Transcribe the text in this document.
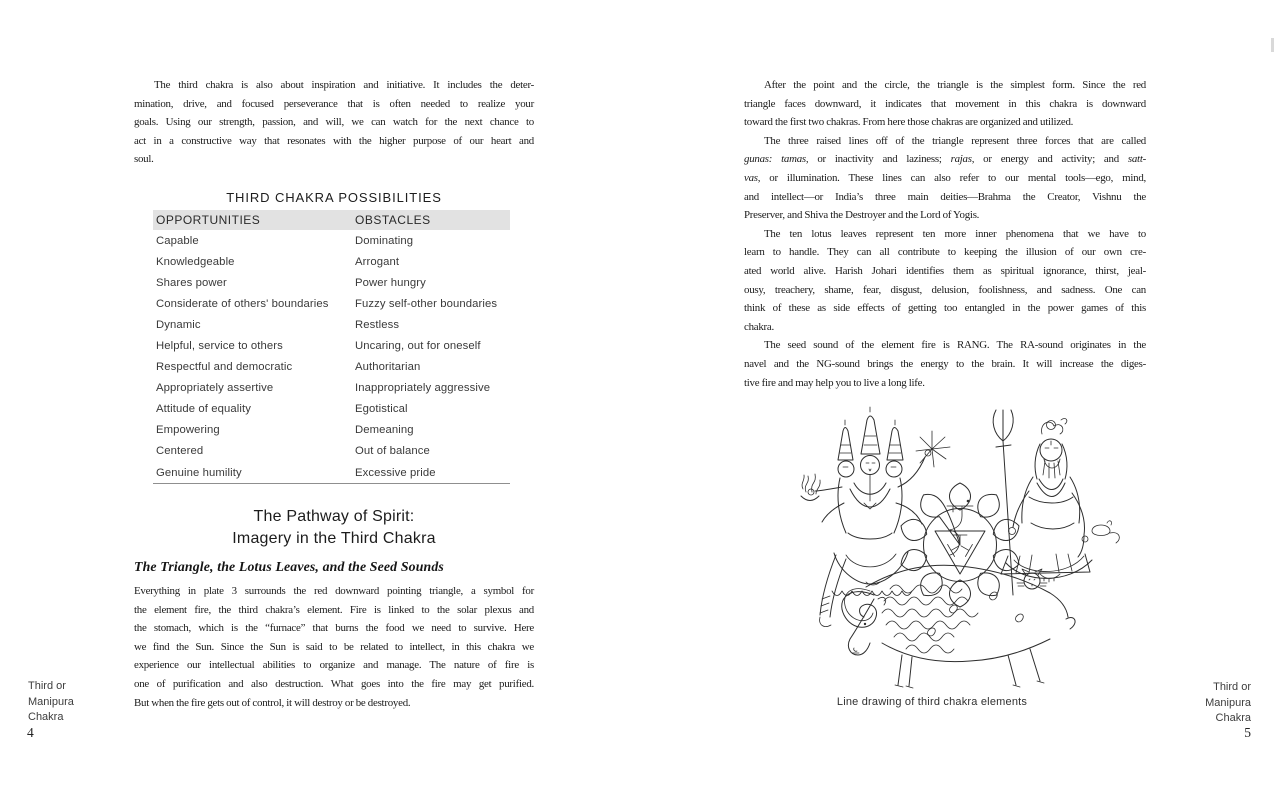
The third chakra is also about inspiration and initiative. It includes the deter-
mination, drive, and focused perseverance that is often needed to realize your
goals. Using our strength, passion, and will, we can watch for the next chance to
act in a constructive way that resonates with the higher purpose of our heart and
soul.
THIRD CHAKRA POSSIBILITIES
OPPORTUNITIES	OBSTACLES
Capable	Dominating
Knowledgeable	Arrogant
Shares power	Power hungry
Considerate of others' boundaries	Fuzzy self-other boundaries
Dynamic	Restless
Helpful, service to others	Uncaring, out for oneself
Respectful and democratic	Authoritarian
Appropriately assertive	Inappropriately aggressive
Attitude of equality	Egotistical
Empowering	Demeaning
Centered	Out of balance
Genuine humility	Excessive pride
The Pathway of Spirit:
Imagery in the Third Chakra
The Triangle, the Lotus Leaves, and the Seed Sounds
Everything in plate 3 surrounds the red downward pointing triangle, a symbol for
the element fire, the third chakra’s element. Fire is linked to the solar plexus and
the stomach, which is the “furnace” that burns the food we need to survive. Here
we find the Sun. Since the Sun is said to be related to intellect, in this chakra we
experience our intellectual abilities to organize and manage. The nature of fire is
one of purification and also destruction. What goes into the fire may get purified.
But when the fire gets out of control, it will destroy or be destroyed.
Third or
Manipura
Chakra
4
After the point and the circle, the triangle is the simplest form. Since the red
triangle faces downward, it indicates that movement in this chakra is downward
toward the first two chakras. From here those chakras are organized and utilized.
The three raised lines off of the triangle represent three forces that are called
gunas: tamas, or inactivity and laziness; rajas, or energy and activity; and satt-
vas, or illumination. These lines can also refer to our mental tools—ego, mind,
and intellect—or India’s three main deities—Brahma the Creator, Vishnu the
Preserver, and Shiva the Destroyer and the Lord of Yogis.
The ten lotus leaves represent ten more inner phenomena that we have to
learn to handle. They can all contribute to keeping the illusion of our own cre-
ated world alive. Harish Johari identifies them as spiritual ignorance, thirst, jeal-
ousy, treachery, shame, fear, disgust, delusion, foolishness, and sadness. One can
think of these as side effects of getting too entangled in the power games of this
chakra.
The seed sound of the element fire is RANG. The RA-sound originates in the
navel and the NG-sound brings the energy to the brain. It will increase the diges-
tive fire and may help you to live a long life.
Line drawing of third chakra elements
Third or
Manipura
Chakra
5
